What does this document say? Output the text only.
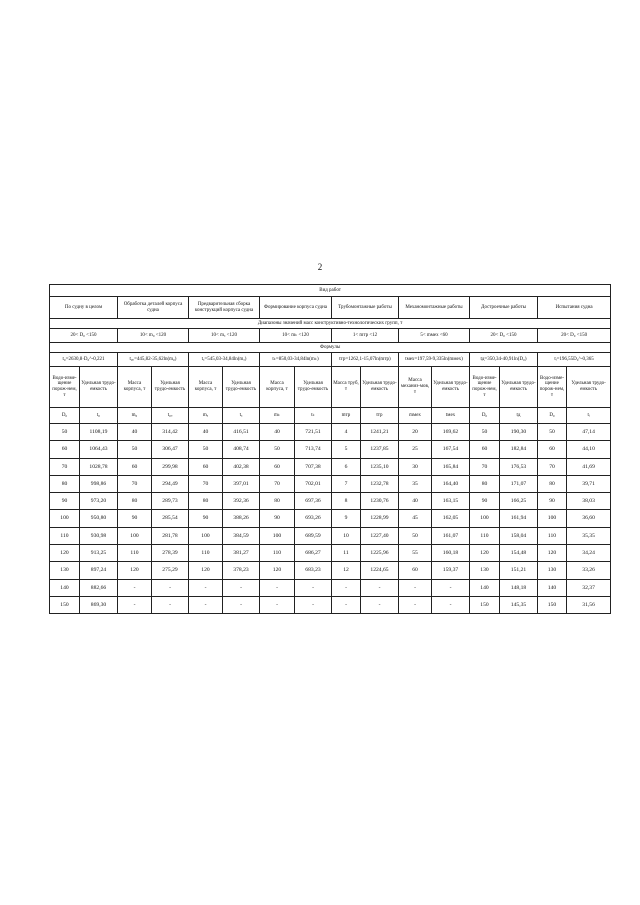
2
Вид работ															
По судну в целом		Обработка деталей корпуса судна		Предварительная сборка конструкций корпуса судна		Формирование корпуса судна		Трубомонтажные работы		Механомонтажные работы		Достроечные работы		Испытания судна	
Диапазоны значений масс конструктивно-технологических групп, т															
20< D₀ <150		10< m₀ <120		10< mₐ <120		10< mₖ <120		1< mтр <12		5< mмех <60		20< D₀ <150		20< D₀ <150	
Формулы															
t₀=2630,8·D₀^-0,221		t₀ₒ=445,82-35,62ln(m₀)		tₐ=545,03-34,84ln(mₐ)		tₖ=850,03-34,84ln(mₖ)		tтр=1262,1-15,07ln(mтр)		tмех=197,59-9,335ln(mмех)		tд=350,34-40,91ln(D₀)		tᵢ=196,55D₀^-0,365	
Водо-изме-щение порож-нем, т	Удельная трудо-емкость	Масса корпуса, т	Удельная трудо-емкость	Масса корпуса, т	Удельная трудо-емкость	Масса корпуса, т	Удельная трудо-емкость	Масса труб, т	Удельная трудо-емкость	Масса механиз-мов, т	Удельная трудо-емкость	Водо-изме-щение порож-нем, т	Удельная трудо-емкость	Водо-изме-щение порож-нем, т	Удельная трудо-емкость
D₀	t₀	m₀	t₀ₒ	mₐ	tₐ	mₖ	tₖ	mтр	tтр	mмех	tмех	D₀	tд	D₀	tᵢ
50	1108,19	40	314,42	40	416,51	40	721,51	4	1241,21	20	169,62	50	190,30	50	47,14
60	1064,43	50	306,47	50	408,74	50	713,74	5	1237,85	25	167,54	60	182,84	60	44,10
70	1028,78	60	299,98	60	402,38	60	707,38	6	1235,10	30	165,84	70	176,53	70	41,69
80	998,86	70	294,49	70	397,01	70	702,01	7	1232,78	35	164,40	80	171,07	80	39,71
90	973,20	80	289,73	80	392,36	80	697,36	8	1230,76	40	163,15	90	166,25	90	38,03
100	950,80	90	285,54	90	388,26	90	693,26	9	1228,99	45	162,05	100	161,94	100	36,60
110	930,98	100	281,78	100	384,59	100	689,59	10	1227,40	50	161,07	110	158,04	110	35,35
120	913,25	110	278,39	110	381,27	110	686,27	11	1225,96	55	160,18	120	154,48	120	34,24
130	897,24	120	275,29	120	378,23	120	683,23	12	1224,65	60	159,37	130	151,21	130	33,26
140	882,66	-	-	-	-	-	-	-	-	-	-	140	148,18	140	32,37
150	869,30	-	-	-	-	-	-	-	-	-	-	150	145,35	150	31,56
